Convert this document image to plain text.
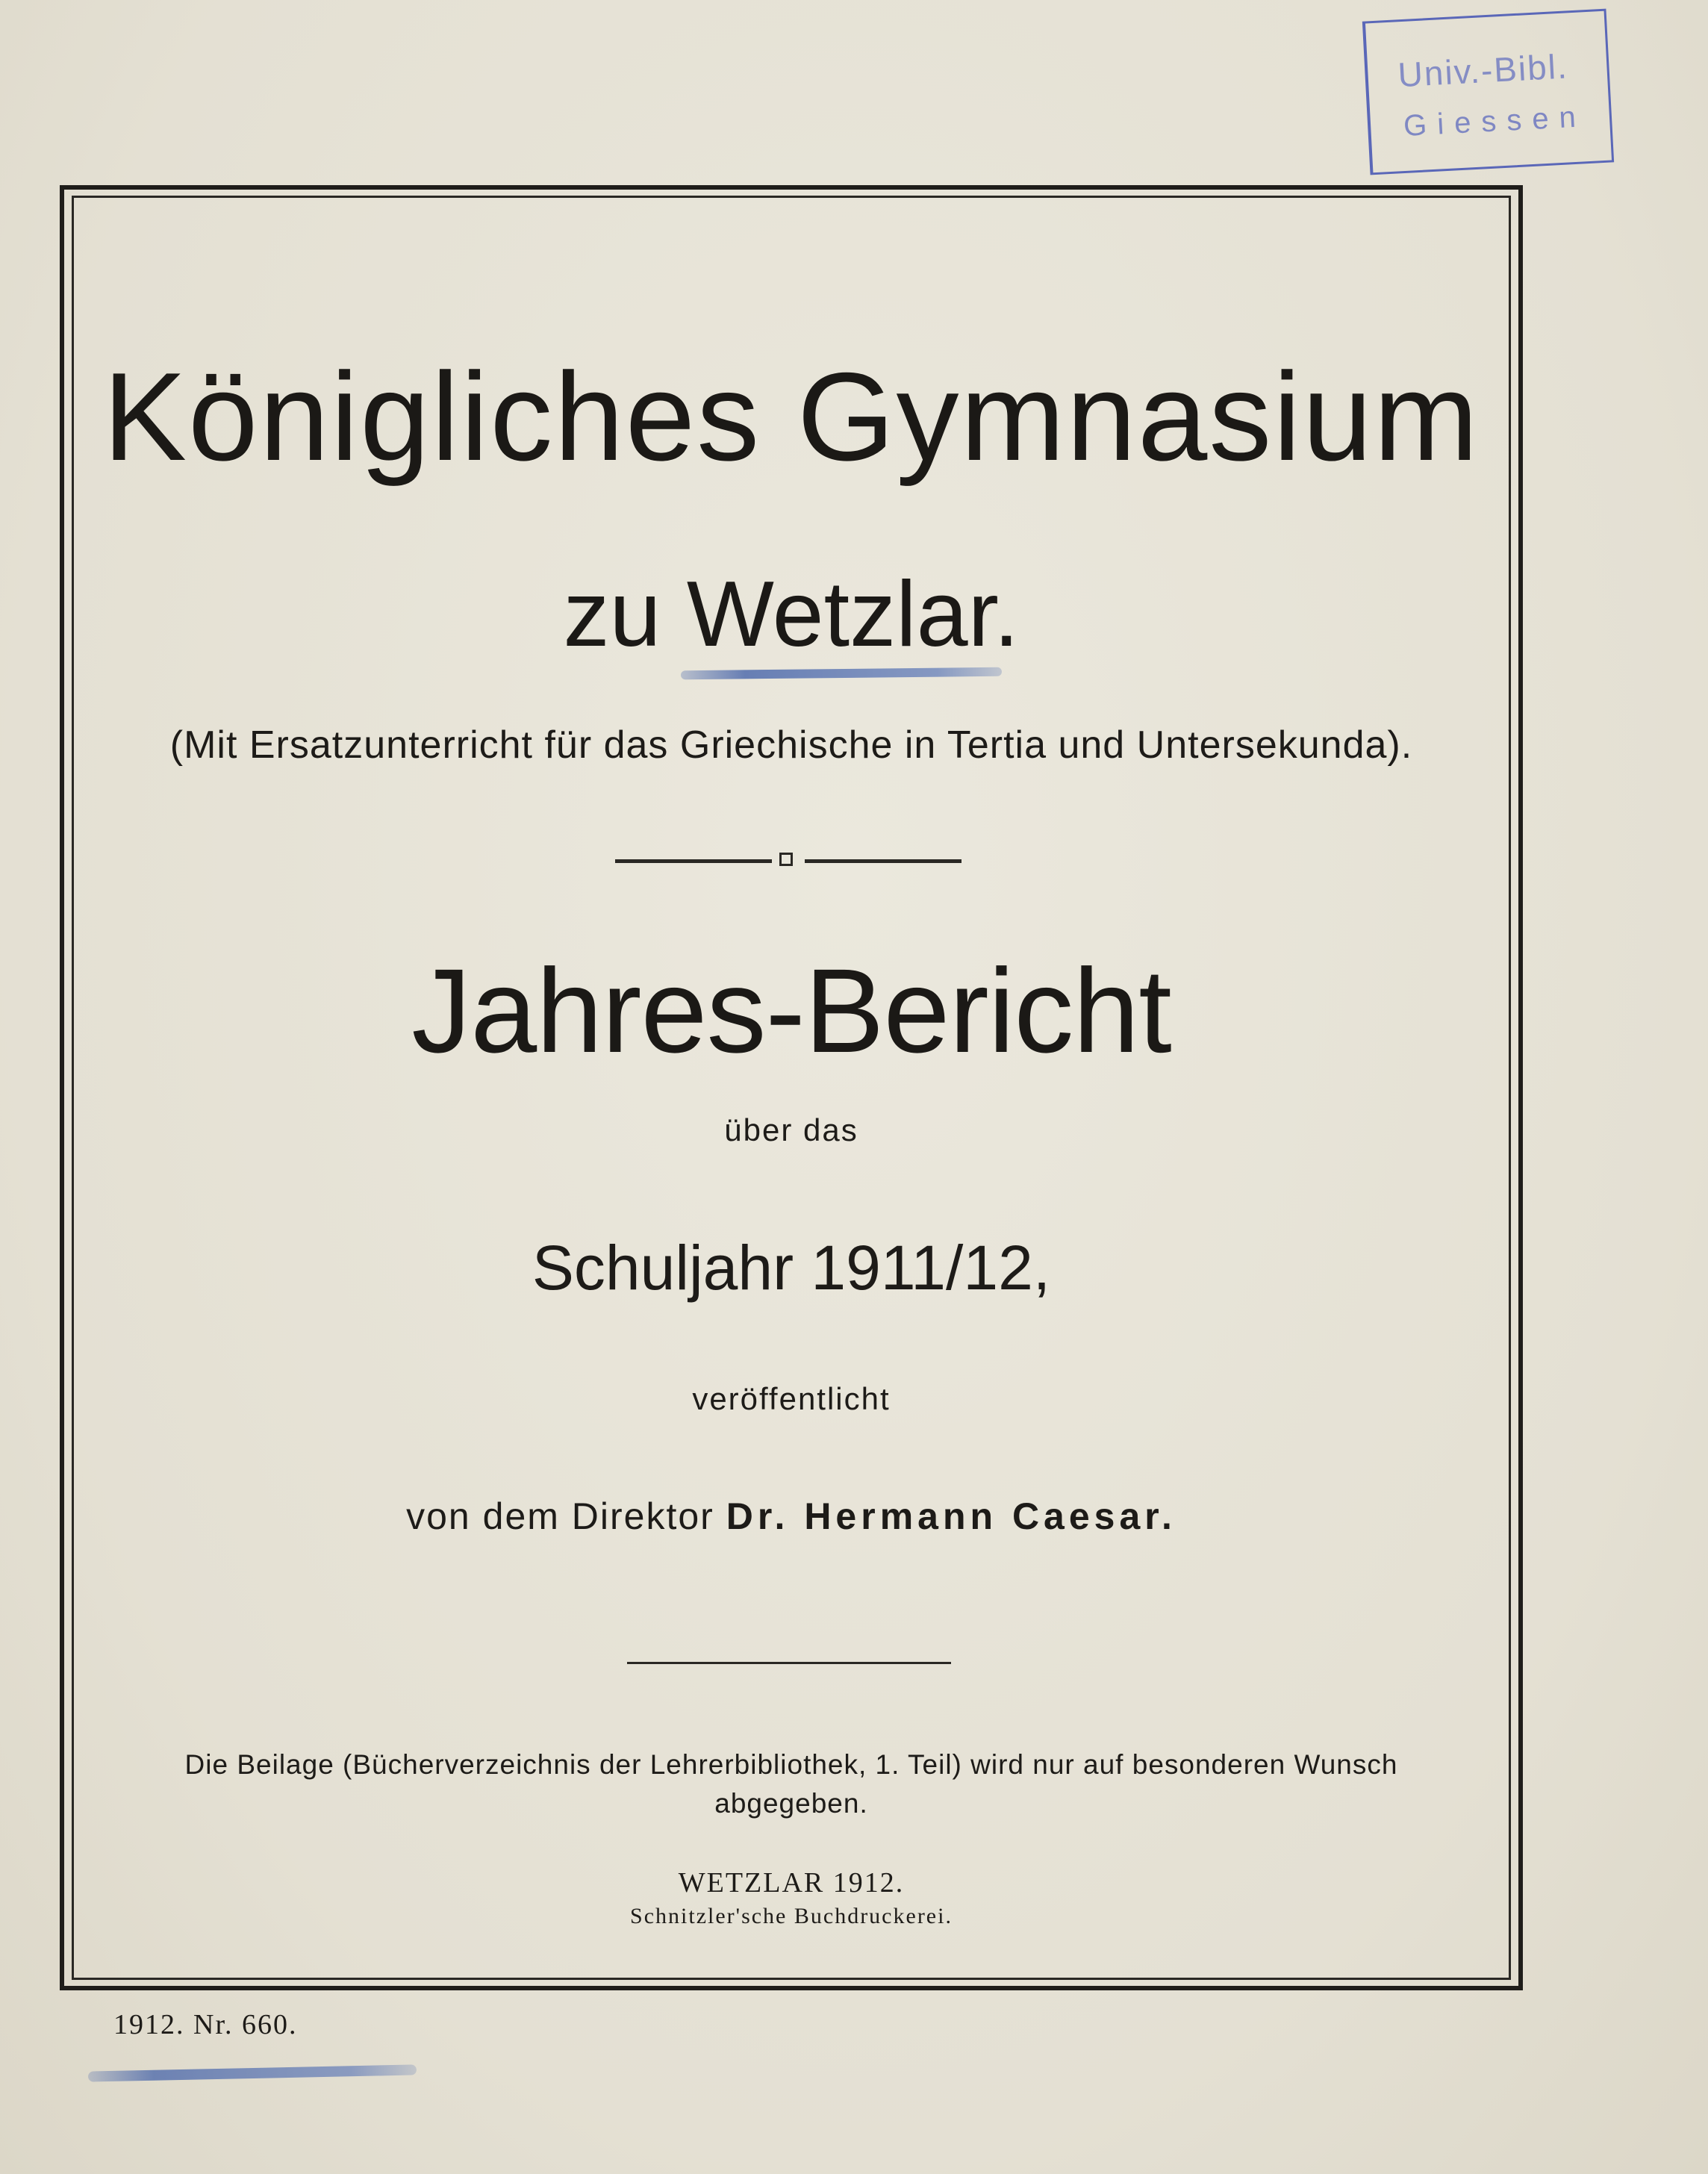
Univ.-Bibl.
Giessen
Königliches Gymnasium
zu Wetzlar.
(Mit Ersatzunterricht für das Griechische in Tertia und Untersekunda).
Jahres-Bericht
über das
Schuljahr 1911/12,
veröffentlicht
von dem Direktor Dr. Hermann Caesar.
Die Beilage (Bücherverzeichnis der Lehrerbibliothek, 1. Teil) wird nur auf besonderen Wunsch abgegeben.
WETZLAR 1912.
Schnitzler'sche Buchdruckerei.
1912. Nr. 660.
